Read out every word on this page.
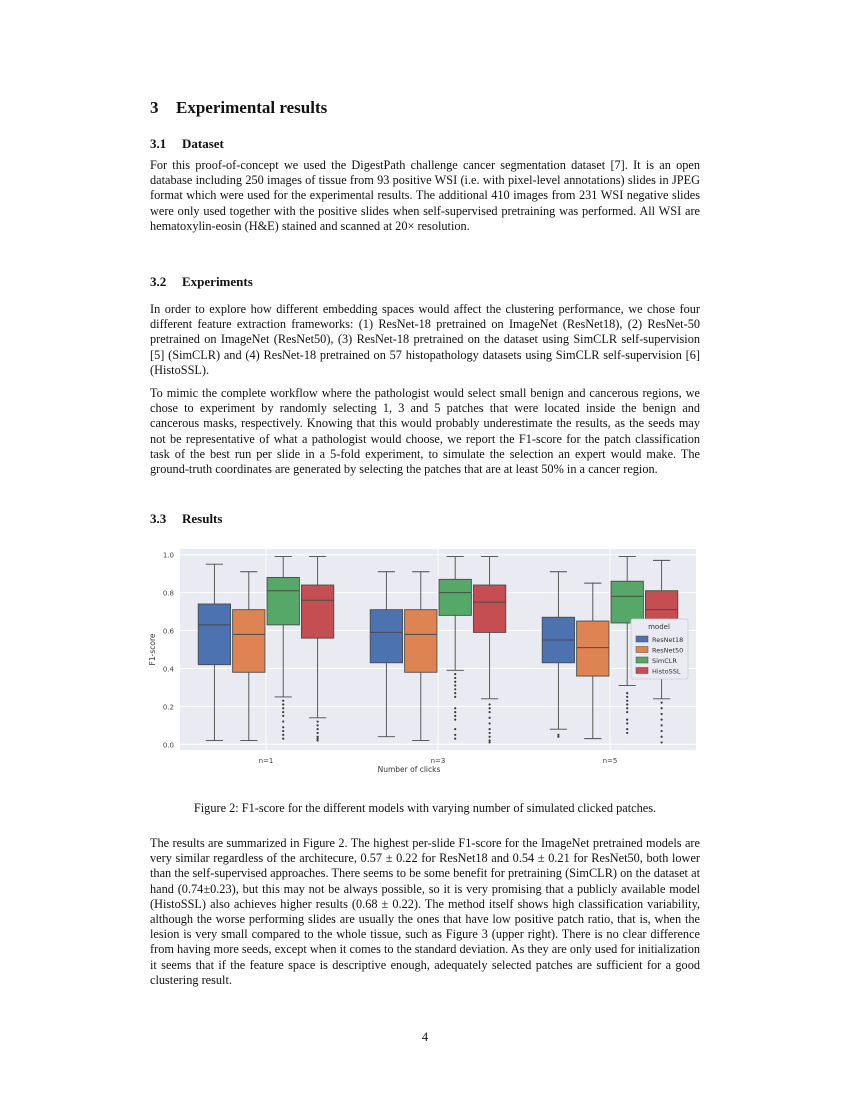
3 Experimental results
3.1 Dataset

For this proof-of-concept we used the DigestPath challenge cancer segmentation dataset [7]. It is an open database including 250 images of tissue from 93 positive WSI (i.e. with pixel-level annotations) slides in JPEG format which were used for the experimental results. The additional 410 images from 231 WSI negative slides were only used together with the positive slides when self-supervised pretraining was performed. All WSI are hematoxylin-eosin (H&E) stained and scanned at 20× resolution.

3.2 Experiments

In order to explore how different embedding spaces would affect the clustering performance, we chose four different feature extraction frameworks: (1) ResNet-18 pretrained on ImageNet (ResNet18), (2) ResNet-50 pretrained on ImageNet (ResNet50), (3) ResNet-18 pretrained on the dataset using SimCLR self-supervision [5] (SimCLR) and (4) ResNet-18 pretrained on 57 histopathology datasets using SimCLR self-supervision [6] (HistoSSL).

To mimic the complete workflow where the pathologist would select small benign and cancerous regions, we chose to experiment by randomly selecting 1, 3 and 5 patches that were located inside the benign and cancerous masks, respectively. Knowing that this would probably underestimate the results, as the seeds may not be representative of what a pathologist would choose, we report the F1-score for the patch classification task of the best run per slide in a 5-fold experiment, to simulate the selection an expert would make. The ground-truth coordinates are generated by selecting the patches that are at least 50% in a cancer region.

3.3 Results
0.0
0.2
0.4
0.6
0.8
1.0
n=1	n=3	n=5
F1-score
Number of clicks
model
ResNet18
ResNet50
SimCLR
HistoSSL

Figure 2: F1-score for the different models with varying number of simulated clicked patches.

The results are summarized in Figure 2. The highest per-slide F1-score for the ImageNet pretrained models are very similar regardless of the architecure, 0.57 ± 0.22 for ResNet18 and 0.54 ± 0.21 for ResNet50, both lower than the self-supervised approaches. There seems to be some benefit for pretraining (SimCLR) on the dataset at hand (0.74±0.23), but this may not be always possible, so it is very promising that a publicly available model (HistoSSL) also achieves higher results (0.68 ± 0.22). The method itself shows high classification variability, although the worse performing slides are usually the ones that have low positive patch ratio, that is, when the lesion is very small compared to the whole tissue, such as Figure 3 (upper right). There is no clear difference from having more seeds, except when it comes to the standard deviation. As they are only used for initialization it seems that if the feature space is descriptive enough, adequately selected patches are sufficient for a good clustering result.

4
